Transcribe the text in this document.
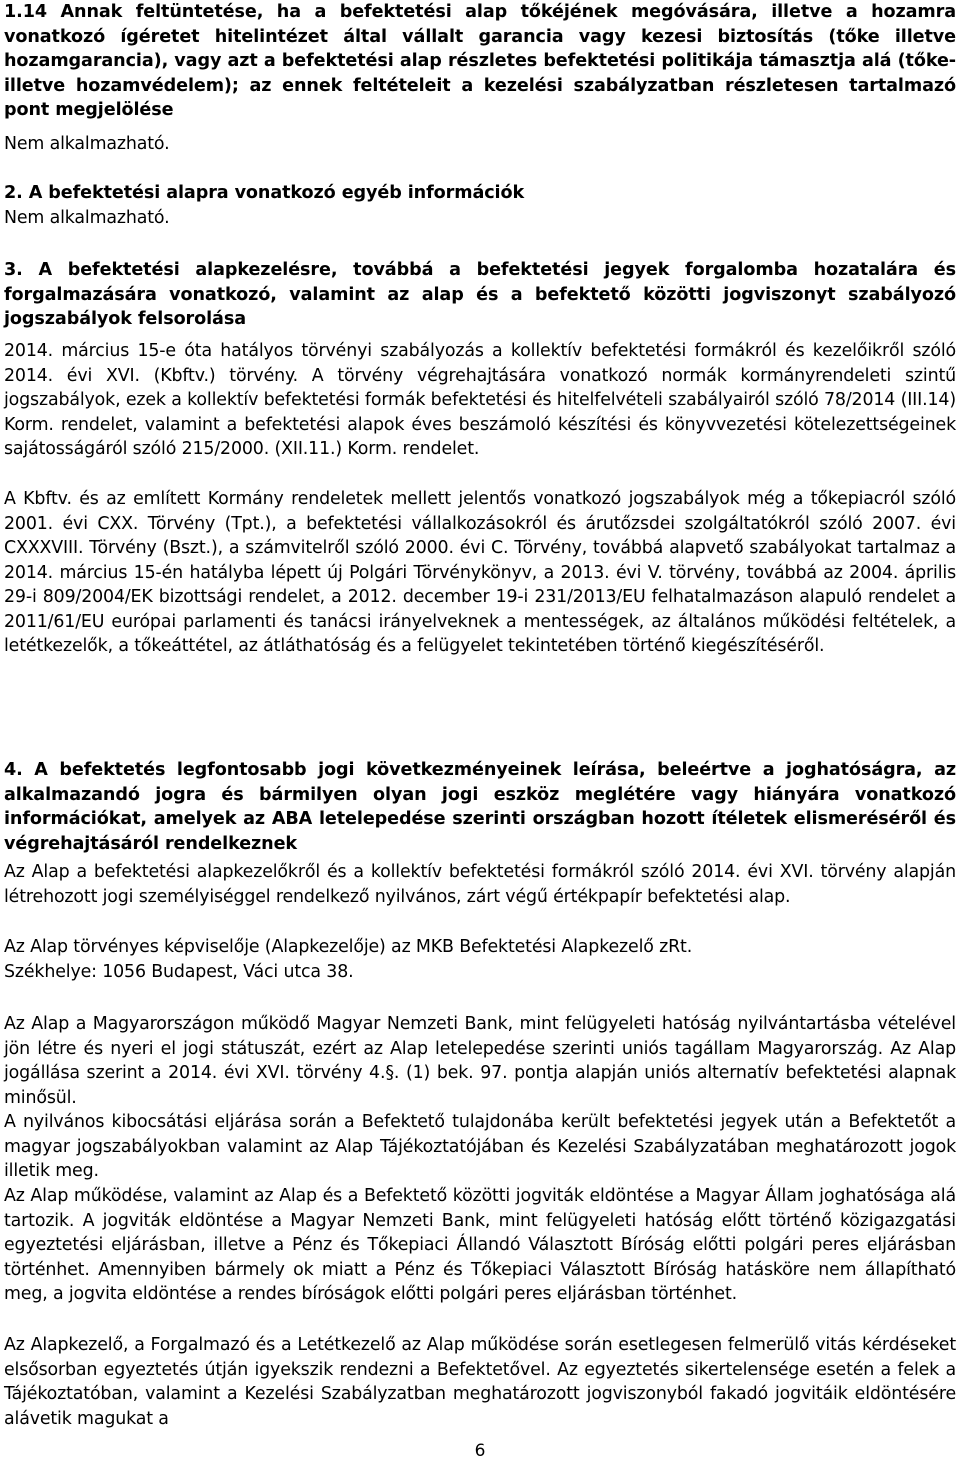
1.14 Annak feltüntetése, ha a befektetési alap tőkéjének megóvására, illetve a hozamra vonatkozó ígéretet hitelintézet által vállalt garancia vagy kezesi biztosítás (tőke illetve hozamgarancia), vagy azt a befektetési alap részletes befektetési politikája támasztja alá (tőke-illetve hozamvédelem); az ennek feltételeit a kezelési szabályzatban részletesen tartalmazó pont megjelölése

Nem alkalmazható.

2. A befektetési alapra vonatkozó egyéb információk

Nem alkalmazható.

3. A befektetési alapkezelésre, továbbá a befektetési jegyek forgalomba hozatalára és forgalmazására vonatkozó, valamint az alap és a befektető közötti jogviszonyt szabályozó jogszabályok felsorolása

2014. március 15-e óta hatályos törvényi szabályozás a kollektív befektetési formákról és kezelőikről szóló 2014. évi XVI. (Kbftv.) törvény. A törvény végrehajtására vonatkozó normák kormányrendeleti szintű jogszabályok, ezek a kollektív befektetési formák befektetési és hitelfelvételi szabályairól szóló 78/2014 (III.14) Korm. rendelet, valamint a befektetési alapok éves beszámoló készítési és könyvvezetési kötelezettségeinek sajátosságáról szóló 215/2000. (XII.11.) Korm. rendelet.

A Kbftv. és az említett Kormány rendeletek mellett jelentős vonatkozó jogszabályok még a tőkepiacról szóló 2001. évi CXX. Törvény (Tpt.), a befektetési vállalkozásokról és árutőzsdei szolgáltatókról szóló 2007. évi CXXXVIII. Törvény (Bszt.), a számvitelről szóló 2000. évi C. Törvény, továbbá alapvető szabályokat tartalmaz a 2014. március 15-én hatályba lépett új Polgári Törvénykönyv, a 2013. évi V. törvény, továbbá az 2004. április 29-i 809/2004/EK bizottsági rendelet, a 2012. december 19-i 231/2013/EU felhatalmazáson alapuló rendelet a 2011/61/EU európai parlamenti és tanácsi irányelveknek a mentességek, az általános működési feltételek, a letétkezelők, a tőkeáttétel, az átláthatóság és a felügyelet tekintetében történő kiegészítéséről.

4. A befektetés legfontosabb jogi következményeinek leírása, beleértve a joghatóságra, az alkalmazandó jogra és bármilyen olyan jogi eszköz meglétére vagy hiányára vonatkozó információkat, amelyek az ABA letelepedése szerinti országban hozott ítéletek elismeréséről és végrehajtásáról rendelkeznek

Az Alap a befektetési alapkezelőkről és a kollektív befektetési formákról szóló 2014. évi XVI. törvény alapján létrehozott jogi személyiséggel rendelkező nyilvános, zárt végű értékpapír befektetési alap.

Az Alap törvényes képviselője (Alapkezelője) az MKB Befektetési Alapkezelő zRt.

Székhelye: 1056 Budapest, Váci utca 38.

Az Alap a Magyarországon működő Magyar Nemzeti Bank, mint felügyeleti hatóság nyilvántartásba vételével jön létre és nyeri el jogi státuszát, ezért az Alap letelepedése szerinti uniós tagállam Magyarország. Az Alap jogállása szerint a 2014. évi XVI. törvény 4.§. (1) bek. 97. pontja alapján uniós alternatív befektetési alapnak minősül.

A nyilvános kibocsátási eljárása során a Befektető tulajdonába került befektetési jegyek után a Befektetőt a magyar jogszabályokban valamint az Alap Tájékoztatójában és Kezelési Szabályzatában meghatározott jogok illetik meg.

Az Alap működése, valamint az Alap és a Befektető közötti jogviták eldöntése a Magyar Állam joghatósága alá tartozik. A jogviták eldöntése a Magyar Nemzeti Bank, mint felügyeleti hatóság előtt történő közigazgatási egyeztetési eljárásban, illetve a Pénz és Tőkepiaci Állandó Választott Bíróság előtti polgári peres eljárásban történhet. Amennyiben bármely ok miatt a Pénz és Tőkepiaci Választott Bíróság hatásköre nem állapítható meg, a jogvita eldöntése a rendes bíróságok előtti polgári peres eljárásban történhet.

Az Alapkezelő, a Forgalmazó és a Letétkezelő az Alap működése során esetlegesen felmerülő vitás kérdéseket elsősorban egyeztetés útján igyekszik rendezni a Befektetővel. Az egyeztetés sikertelensége esetén a felek a Tájékoztatóban, valamint a Kezelési Szabályzatban meghatározott jogviszonyból fakadó jogvitáik eldöntésére alávetik magukat a

6
